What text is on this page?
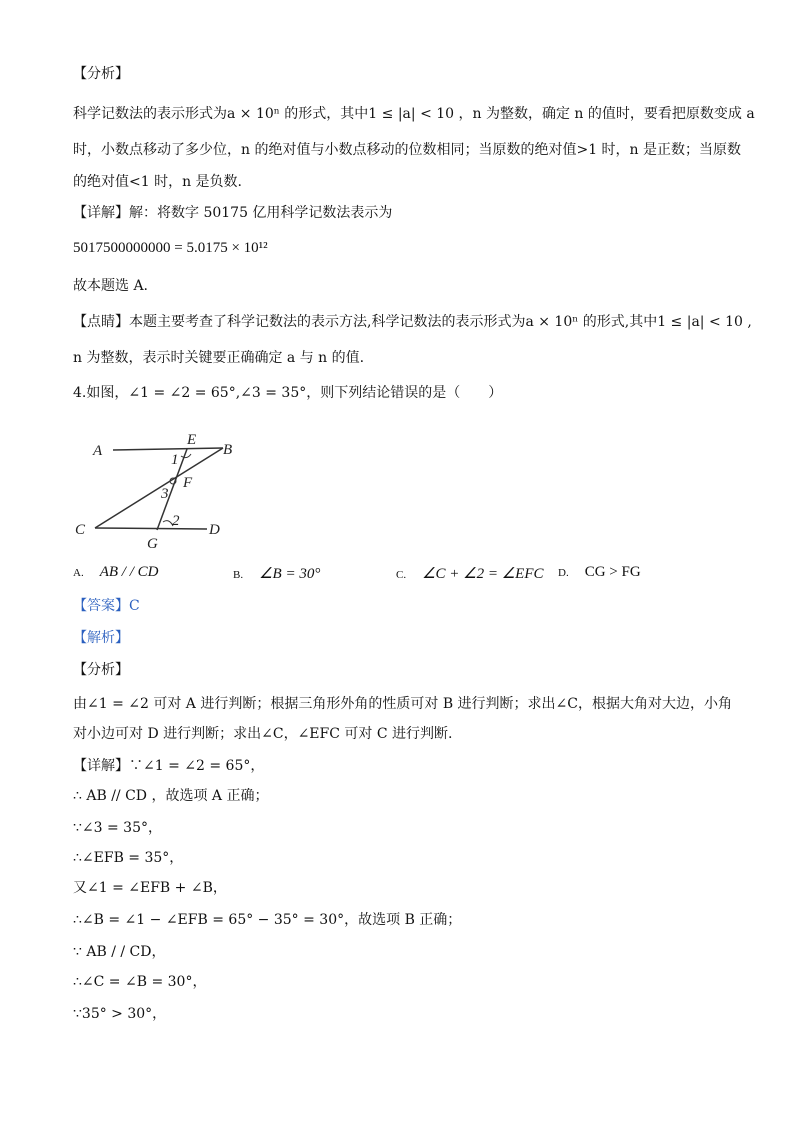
【分析】
科学记数法的表示形式为a × 10ⁿ 的形式，其中1 ≤ |a| < 10 ，n 为整数，确定 n 的值时，要看把原数变成 a
时，小数点移动了多少位，n 的绝对值与小数点移动的位数相同；当原数的绝对值>1 时，n 是正数；当原数
的绝对值<1 时，n 是负数.
【详解】解：将数字 50175 亿用科学记数法表示为
5017500000000 = 5.0175 × 10¹²
故本题选 A.
【点睛】本题主要考查了科学记数法的表示方法,科学记数法的表示形式为a × 10ⁿ 的形式,其中1 ≤ |a| < 10 ,
n 为整数，表示时关键要正确确定 a 与 n 的值.
4.如图，∠1 = ∠2 = 65°,∠3 = 35°，则下列结论错误的是（　　）
A	B
C	D
E
F
G
1
2
3
A. AB / / CD	B. ∠B = 30°	C. ∠C + ∠2 = ∠EFC D. CG > FG
【答案】C
【解析】
【分析】
由∠1 = ∠2 可对 A 进行判断；根据三角形外角的性质可对 B 进行判断；求出∠C，根据大角对大边，小角
对小边可对 D 进行判断；求出∠C，∠EFC 可对 C 进行判断.
【详解】∵∠1 = ∠2 = 65°，
∴ AB // CD ，故选项 A 正确；
∵∠3 = 35°，
∴∠EFB = 35°，
又∠1 = ∠EFB + ∠B，
∴∠B = ∠1 − ∠EFB = 65° − 35° = 30°，故选项 B 正确；
∵ AB / / CD，
∴∠C = ∠B = 30°，
∵35° > 30°，
